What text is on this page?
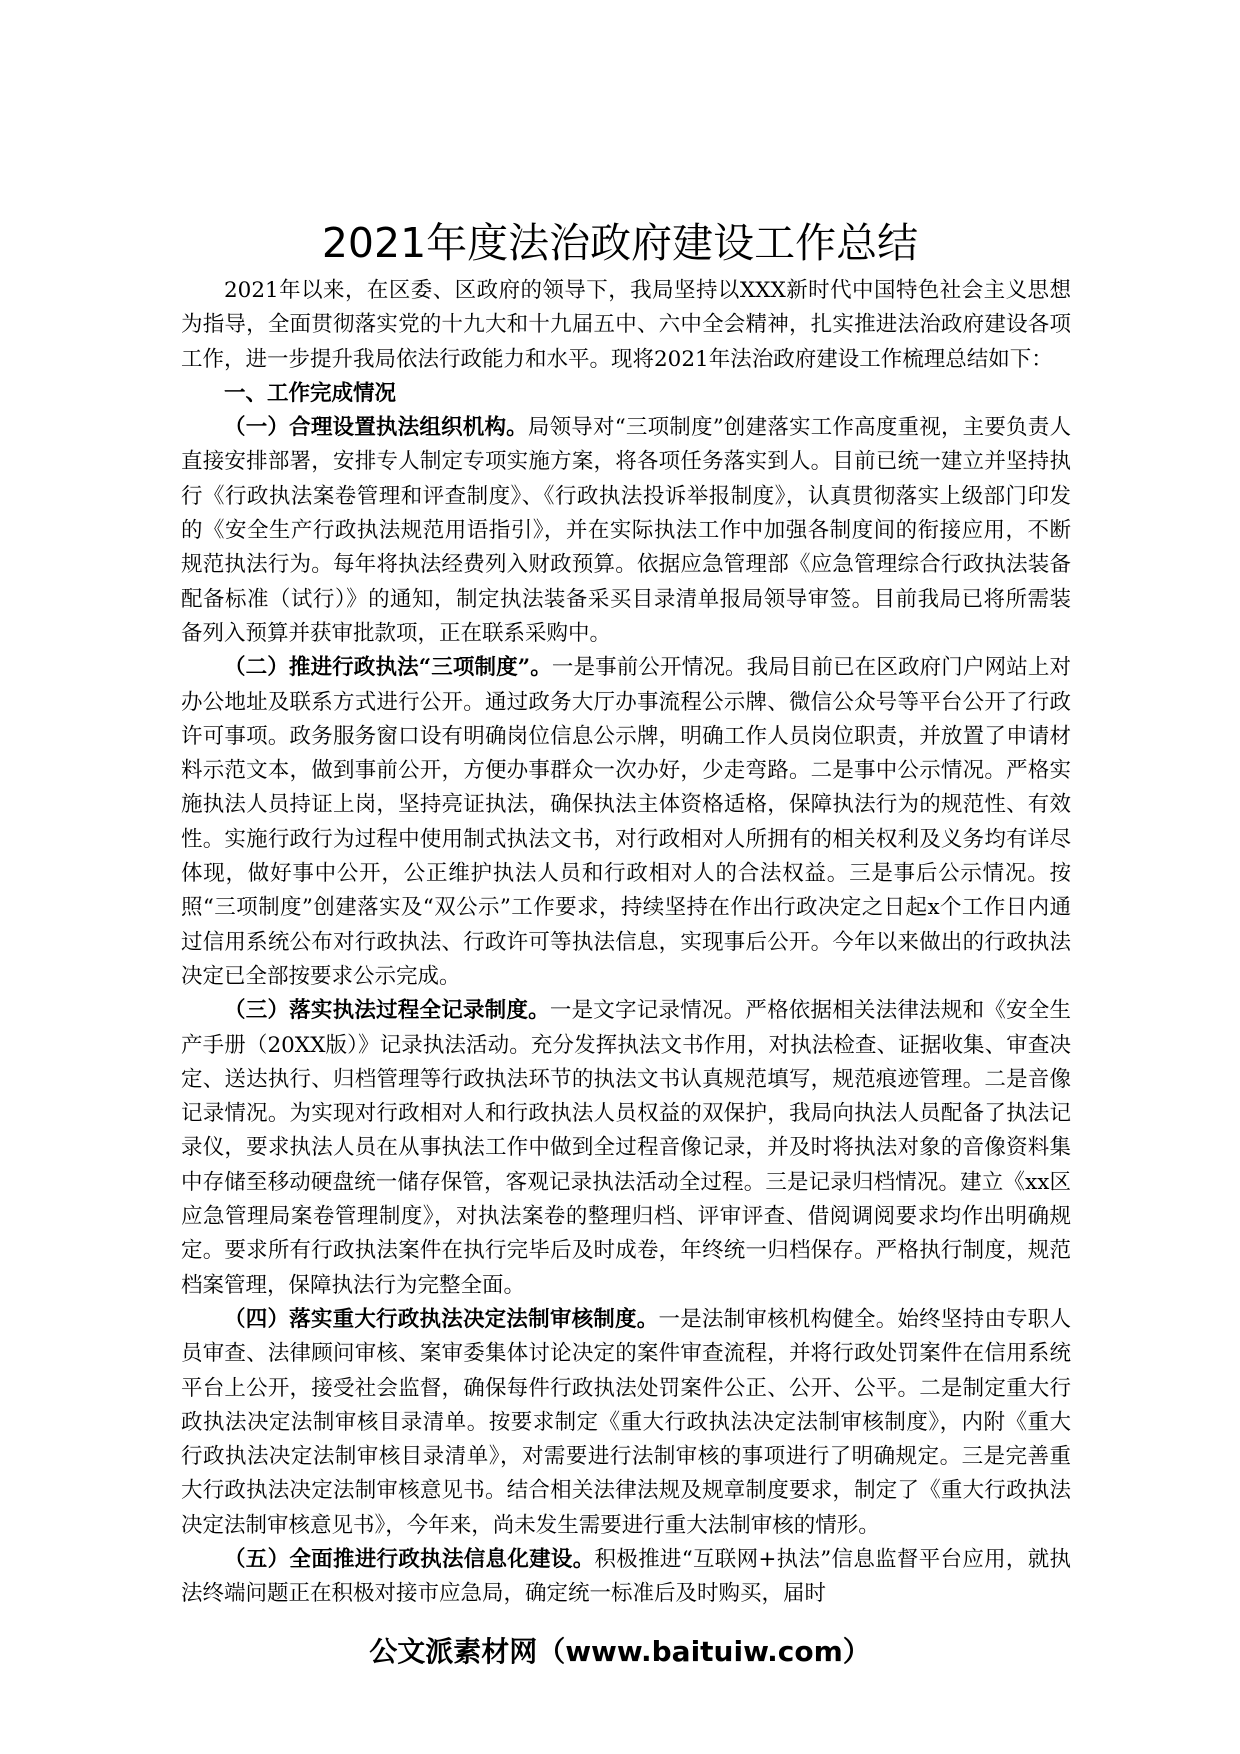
2021年度法治政府建设工作总结

2021年以来，在区委、区政府的领导下，我局坚持以XXX新时代中国特色社会主义思想为指导，全面贯彻落实党的十九大和十九届五中、六中全会精神，扎实推进法治政府建设各项工作，进一步提升我局依法行政能力和水平。现将2021年法治政府建设工作梳理总结如下：

一、工作完成情况

（一）合理设置执法组织机构。局领导对“三项制度”创建落实工作高度重视，主要负责人直接安排部署，安排专人制定专项实施方案，将各项任务落实到人。目前已统一建立并坚持执行《行政执法案卷管理和评查制度》、《行政执法投诉举报制度》，认真贯彻落实上级部门印发的《安全生产行政执法规范用语指引》，并在实际执法工作中加强各制度间的衔接应用，不断规范执法行为。每年将执法经费列入财政预算。依据应急管理部《应急管理综合行政执法装备配备标准（试行）》的通知，制定执法装备采买目录清单报局领导审签。目前我局已将所需装备列入预算并获审批款项，正在联系采购中。

（二）推进行政执法“三项制度”。一是事前公开情况。我局目前已在区政府门户网站上对办公地址及联系方式进行公开。通过政务大厅办事流程公示牌、微信公众号等平台公开了行政许可事项。政务服务窗口设有明确岗位信息公示牌，明确工作人员岗位职责，并放置了申请材料示范文本，做到事前公开，方便办事群众一次办好，少走弯路。二是事中公示情况。严格实施执法人员持证上岗，坚持亮证执法，确保执法主体资格适格，保障执法行为的规范性、有效性。实施行政行为过程中使用制式执法文书，对行政相对人所拥有的相关权利及义务均有详尽体现，做好事中公开，公正维护执法人员和行政相对人的合法权益。三是事后公示情况。按照“三项制度”创建落实及“双公示”工作要求，持续坚持在作出行政决定之日起x个工作日内通过信用系统公布对行政执法、行政许可等执法信息，实现事后公开。今年以来做出的行政执法决定已全部按要求公示完成。

（三）落实执法过程全记录制度。一是文字记录情况。严格依据相关法律法规和《安全生产手册（20XX版）》记录执法活动。充分发挥执法文书作用，对执法检查、证据收集、审查决定、送达执行、归档管理等行政执法环节的执法文书认真规范填写，规范痕迹管理。二是音像记录情况。为实现对行政相对人和行政执法人员权益的双保护，我局向执法人员配备了执法记录仪，要求执法人员在从事执法工作中做到全过程音像记录，并及时将执法对象的音像资料集中存储至移动硬盘统一储存保管，客观记录执法活动全过程。三是记录归档情况。建立《xx区应急管理局案卷管理制度》，对执法案卷的整理归档、评审评查、借阅调阅要求均作出明确规定。要求所有行政执法案件在执行完毕后及时成卷，年终统一归档保存。严格执行制度，规范档案管理，保障执法行为完整全面。

（四）落实重大行政执法决定法制审核制度。一是法制审核机构健全。始终坚持由专职人员审查、法律顾问审核、案审委集体讨论决定的案件审查流程，并将行政处罚案件在信用系统平台上公开，接受社会监督，确保每件行政执法处罚案件公正、公开、公平。二是制定重大行政执法决定法制审核目录清单。按要求制定《重大行政执法决定法制审核制度》，内附《重大行政执法决定法制审核目录清单》，对需要进行法制审核的事项进行了明确规定。三是完善重大行政执法决定法制审核意见书。结合相关法律法规及规章制度要求，制定了《重大行政执法决定法制审核意见书》，今年来，尚未发生需要进行重大法制审核的情形。

（五）全面推进行政执法信息化建设。积极推进“互联网+执法”信息监督平台应用，就执法终端问题正在积极对接市应急局，确定统一标准后及时购买，届时

公文派素材网（www.baituiw.com）
